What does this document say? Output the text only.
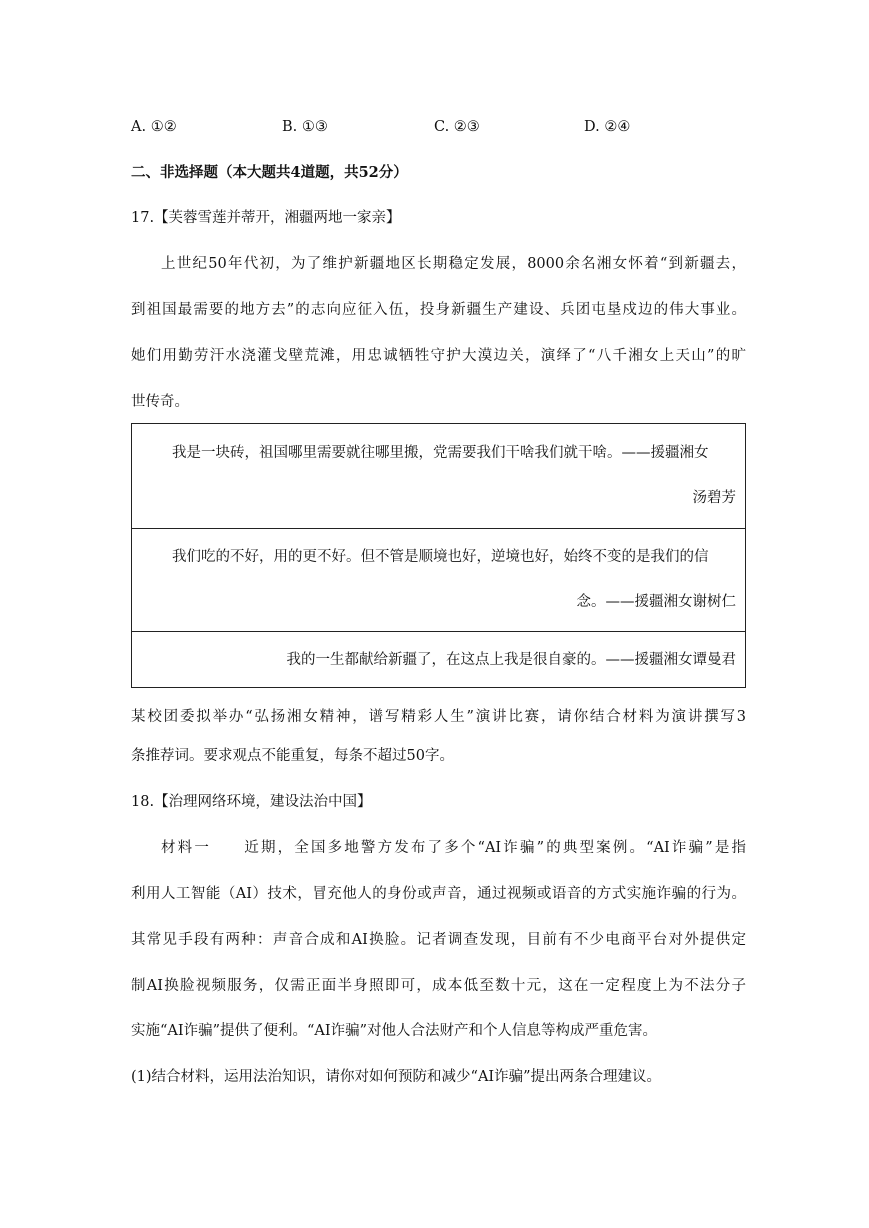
A. ①②	B. ①③	C. ②③	D. ②④
二、非选择题（本大题共4道题，共52分）
17.【芙蓉雪莲并蒂开，湘疆两地一家亲】
上世纪50年代初，为了维护新疆地区长期稳定发展，8000余名湘女怀着“到新疆去，
到祖国最需要的地方去”的志向应征入伍，投身新疆生产建设、兵团屯垦戍边的伟大事业。
她们用勤劳汗水浇灌戈壁荒滩，用忠诚牺牲守护大漠边关，演绎了“八千湘女上天山”的旷
世传奇。
我是一块砖，祖国哪里需要就往哪里搬，党需要我们干啥我们就干啥。——援疆湘女
汤碧芳
我们吃的不好，用的更不好。但不管是顺境也好，逆境也好，始终不变的是我们的信
念。——援疆湘女谢树仁
我的一生都献给新疆了，在这点上我是很自豪的。——援疆湘女谭曼君
某校团委拟举办“弘扬湘女精神，谱写精彩人生”演讲比赛，请你结合材料为演讲撰写3
条推荐词。要求观点不能重复，每条不超过50字。
18.【治理网络环境，建设法治中国】
材料一　　近期，全国多地警方发布了多个“AI诈骗”的典型案例。“AI诈骗”是指
利用人工智能（AI）技术，冒充他人的身份或声音，通过视频或语音的方式实施诈骗的行为。
其常见手段有两种：声音合成和AI换脸。记者调查发现，目前有不少电商平台对外提供定
制AI换脸视频服务，仅需正面半身照即可，成本低至数十元，这在一定程度上为不法分子
实施“AI诈骗”提供了便利。“AI诈骗”对他人合法财产和个人信息等构成严重危害。
(1)结合材料，运用法治知识，请你对如何预防和减少“AI诈骗”提出两条合理建议。
